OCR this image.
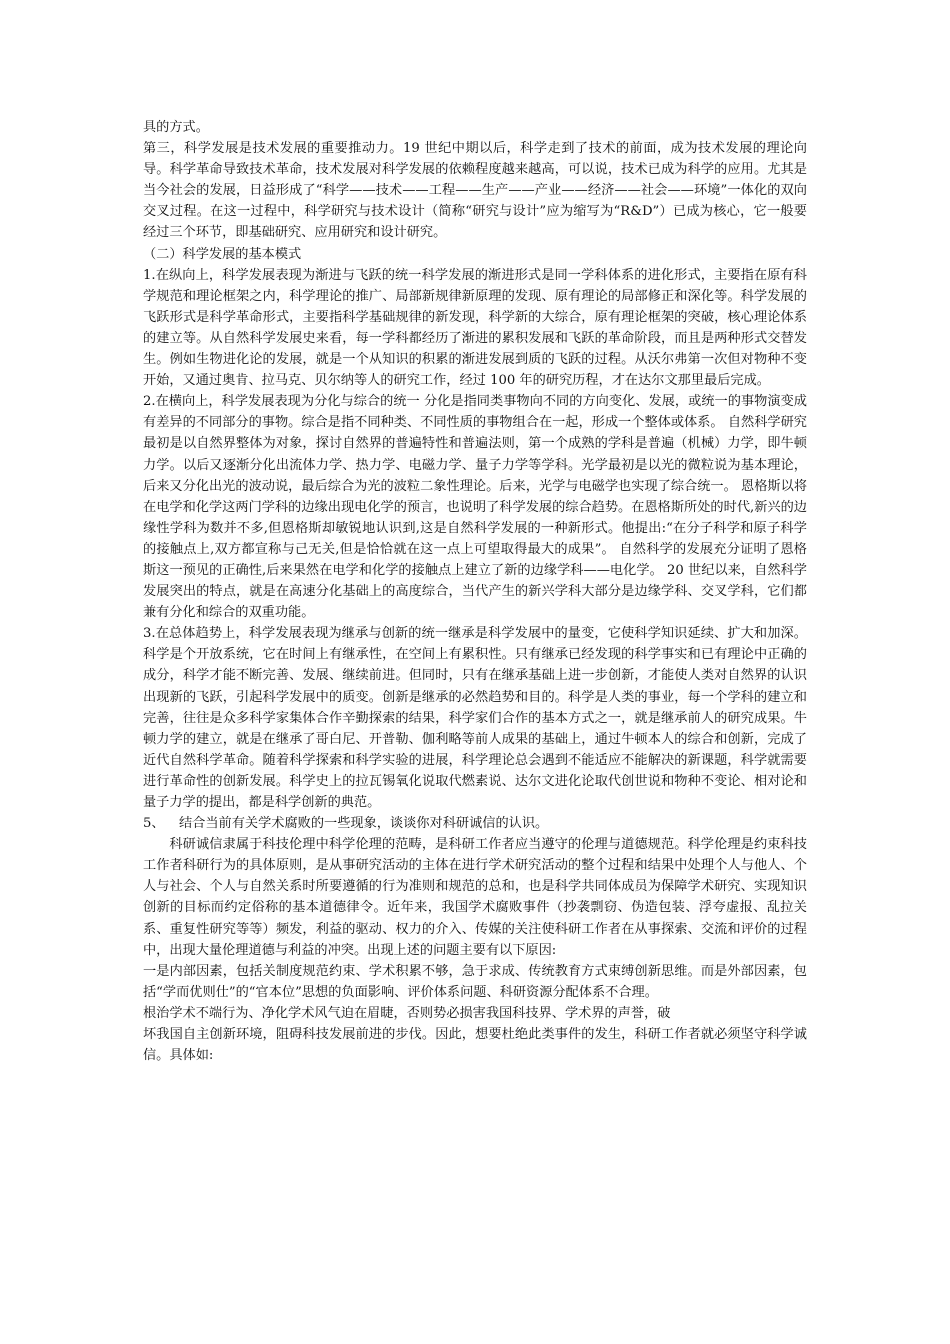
具的方式。

第三，科学发展是技术发展的重要推动力。19 世纪中期以后，科学走到了技术的前面，成为技术发展的理论向导。科学革命导致技术革命，技术发展对科学发展的依赖程度越来越高，可以说，技术已成为科学的应用。尤其是当今社会的发展，日益形成了“科学——技术——工程——生产——产业——经济——社会——环境”一体化的双向交叉过程。在这一过程中，科学研究与技术设计（简称“研究与设计”应为缩写为“R&D”）已成为核心，它一般要经过三个环节，即基础研究、应用研究和设计研究。

（二）科学发展的基本模式

1.在纵向上，科学发展表现为渐进与飞跃的统一科学发展的渐进形式是同一学科体系的进化形式，主要指在原有科学规范和理论框架之内，科学理论的推广、局部新规律新原理的发现、原有理论的局部修正和深化等。科学发展的飞跃形式是科学革命形式，主要指科学基础规律的新发现，科学新的大综合，原有理论框架的突破，核心理论体系的建立等。从自然科学发展史来看，每一学科都经历了渐进的累积发展和飞跃的革命阶段，而且是两种形式交替发生。例如生物进化论的发展，就是一个从知识的积累的渐进发展到质的飞跃的过程。从沃尔弗第一次但对物种不变开始，又通过奥肯、拉马克、贝尔纳等人的研究工作，经过 100 年的研究历程，才在达尔文那里最后完成。

2.在横向上，科学发展表现为分化与综合的统一 分化是指同类事物向不同的方向变化、发展，或统一的事物演变成有差异的不同部分的事物。综合是指不同种类、不同性质的事物组合在一起，形成一个整体或体系。 自然科学研究最初是以自然界整体为对象，探讨自然界的普遍特性和普遍法则，第一个成熟的学科是普遍（机械）力学，即牛顿力学。以后又逐渐分化出流体力学、热力学、电磁力学、量子力学等学科。光学最初是以光的微粒说为基本理论，后来又分化出光的波动说，最后综合为光的波粒二象性理论。后来，光学与电磁学也实现了综合统一。 恩格斯以将在电学和化学这两门学科的边缘出现电化学的预言，也说明了科学发展的综合趋势。在恩格斯所处的时代,新兴的边缘性学科为数并不多,但恩格斯却敏锐地认识到,这是自然科学发展的一种新形式。他提出:“在分子科学和原子科学的接触点上,双方都宣称与己无关,但是恰恰就在这一点上可望取得最大的成果”。 自然科学的发展充分证明了恩格斯这一预见的正确性,后来果然在电学和化学的接触点上建立了新的边缘学科——电化学。 20 世纪以来，自然科学发展突出的特点，就是在高速分化基础上的高度综合，当代产生的新兴学科大部分是边缘学科、交叉学科，它们都兼有分化和综合的双重功能。

3.在总体趋势上，科学发展表现为继承与创新的统一继承是科学发展中的量变，它使科学知识延续、扩大和加深。科学是个开放系统，它在时间上有继承性，在空间上有累积性。只有继承已经发现的科学事实和已有理论中正确的成分，科学才能不断完善、发展、继续前进。但同时，只有在继承基础上进一步创新，才能使人类对自然界的认识出现新的飞跃，引起科学发展中的质变。创新是继承的必然趋势和目的。科学是人类的事业，每一个学科的建立和完善，往往是众多科学家集体合作辛勤探索的结果，科学家们合作的基本方式之一，就是继承前人的研究成果。牛顿力学的建立，就是在继承了哥白尼、开普勒、伽利略等前人成果的基础上，通过牛顿本人的综合和创新，完成了近代自然科学革命。随着科学探索和科学实验的进展，科学理论总会遇到不能适应不能解决的新课题，科学就需要进行革命性的创新发展。科学史上的拉瓦锡氧化说取代燃素说、达尔文进化论取代创世说和物种不变论、相对论和量子力学的提出，都是科学创新的典范。

5、 结合当前有关学术腐败的一些现象，谈谈你对科研诚信的认识。

科研诚信隶属于科技伦理中科学伦理的范畴，是科研工作者应当遵守的伦理与道德规范。科学伦理是约束科技工作者科研行为的具体原则，是从事研究活动的主体在进行学术研究活动的整个过程和结果中处理个人与他人、个人与社会、个人与自然关系时所要遵循的行为准则和规范的总和，也是科学共同体成员为保障学术研究、实现知识创新的目标而约定俗称的基本道德律令。近年来，我国学术腐败事件（抄袭剽窃、伪造包装、浮夸虚报、乱拉关系、重复性研究等等）频发，利益的驱动、权力的介入、传媒的关注使科研工作者在从事探索、交流和评价的过程中，出现大量伦理道德与利益的冲突。出现上述的问题主要有以下原因:

一是内部因素，包括关制度规范约束、学术积累不够，急于求成、传统教育方式束缚创新思维。而是外部因素，包括“学而优则仕”的“官本位”思想的负面影响、评价体系问题、科研资源分配体系不合理。

根治学术不端行为、净化学术风气迫在眉睫，否则势必损害我国科技界、学术界的声誉，破

坏我国自主创新环境，阻碍科技发展前进的步伐。因此，想要杜绝此类事件的发生，科研工作者就必须坚守科学诚信。具体如:
